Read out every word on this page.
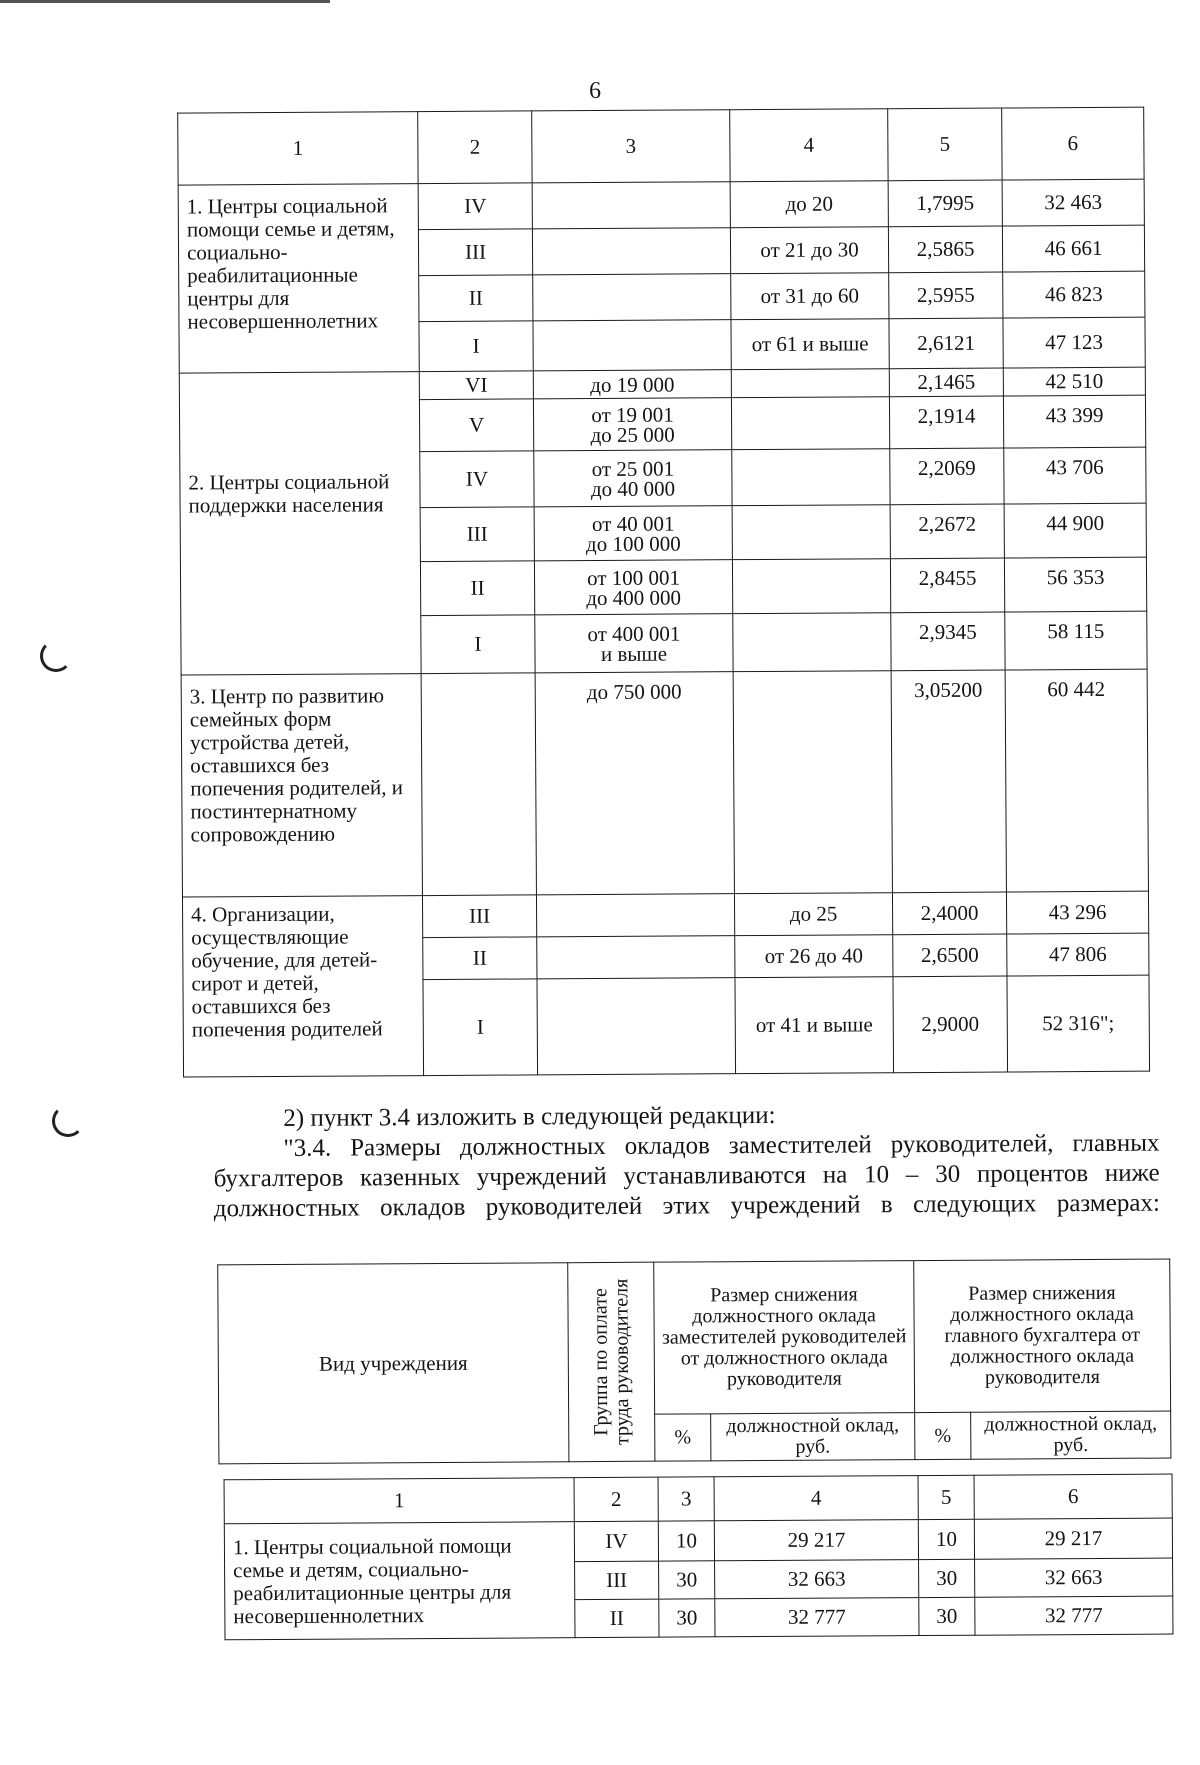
6
1	2	3	4	5	6
1. Центры социальной помощи семье и детям, социально-реабилитационные центры для несовершеннолетних	IV		до 20	1,7995	32 463
	III		от 21 до 30	2,5865	46 661
	II		от 31 до 60	2,5955	46 823
	I		от 61 и выше	2,6121	47 123
2. Центры социальной поддержки населения	VI	до 19 000		2,1465	42 510
	V	от 19 001
до 25 000		2,1914	43 399
	IV	от 25 001
до 40 000		2,2069	43 706
	III	от 40 001
до 100 000		2,2672	44 900
	II	от 100 001
до 400 000		2,8455	56 353
	I	от 400 001
и выше		2,9345	58 115
3. Центр по развитию семейных форм устройства детей, оставшихся без попечения родителей, и постинтернатному сопровождению		до 750 000		3,05200	60 442
4. Организации, осуществляющие обучение, для детей-сирот и детей, оставшихся без попечения родителей	III		до 25	2,4000	43 296
	II		от 26 до 40	2,6500	47 806
	I		от 41 и выше	2,9000	52 316";
2) пункт 3.4 изложить в следующей редакции:
"3.4. Размеры должностных окладов заместителей руководителей, главных бухгалтеров казенных учреждений устанавливаются на 10 – 30 процентов ниже должностных окладов руководителей этих учреждений в следующих размерах:
Вид учреждения	Группа по оплате труда руководителя	Размер снижения должностного оклада заместителей руководителей от должностного оклада руководителя		Размер снижения должностного оклада главного бухгалтера от должностного оклада руководителя	
		%	должностной оклад, руб.	%	должностной оклад, руб.
1	2	3	4	5	6
1. Центры социальной помощи семье и детям, социально-реабилитационные центры для несовершеннолетних	IV	10	29 217	10	29 217
	III	30	32 663	30	32 663
	II	30	32 777	30	32 777
